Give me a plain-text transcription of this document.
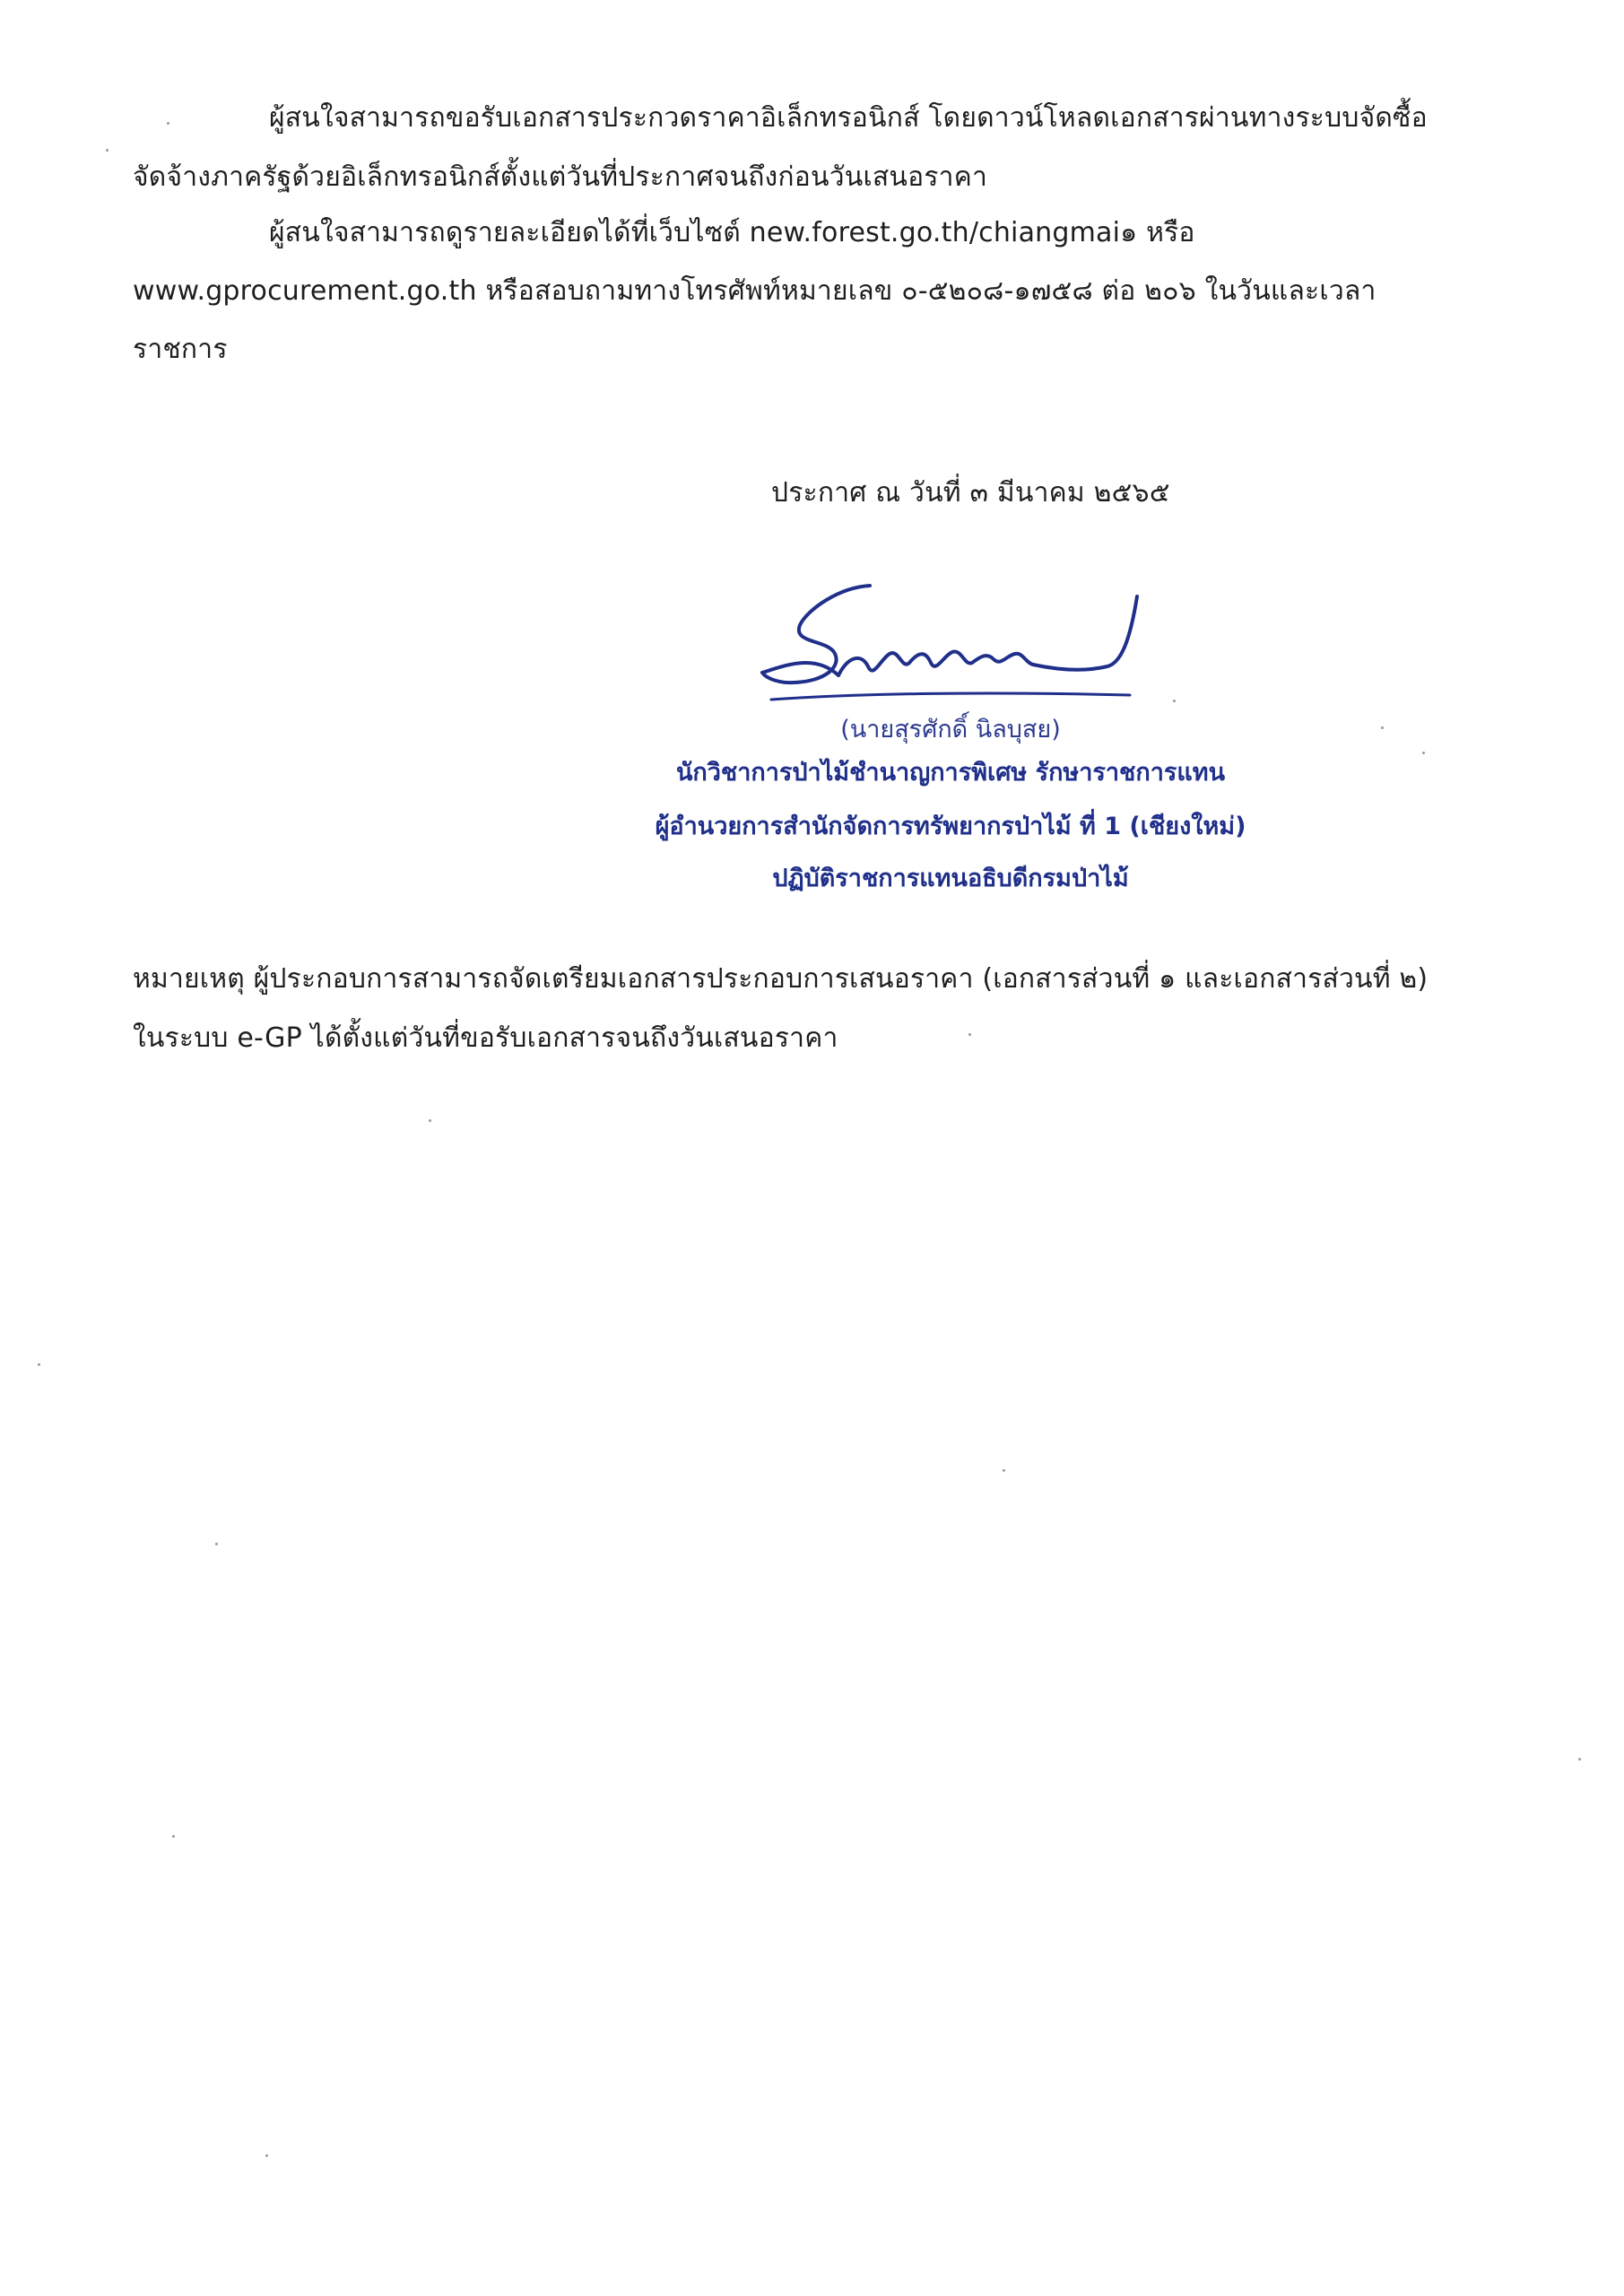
ผู้สนใจสามารถขอรับเอกสารประกวดราคาอิเล็กทรอนิกส์ โดยดาวน์โหลดเอกสารผ่านทางระบบจัดซื้อ
จัดจ้างภาครัฐด้วยอิเล็กทรอนิกส์ตั้งแต่วันที่ประกาศจนถึงก่อนวันเสนอราคา
ผู้สนใจสามารถดูรายละเอียดได้ที่เว็บไซต์ new.forest.go.th/chiangmai๑ หรือ
www.gprocurement.go.th หรือสอบถามทางโทรศัพท์หมายเลข ๐-๕๒๐๘-๑๗๕๘ ต่อ ๒๐๖ ในวันและเวลา
ราชการ
ประกาศ ณ วันที่ ๓ มีนาคม ๒๕๖๕
(นายสุรศักดิ์ นิลบุสย)
นักวิชาการป่าไม้ชำนาญการพิเศษ รักษาราชการแทน
ผู้อำนวยการสำนักจัดการทรัพยากรป่าไม้ ที่ 1 (เชียงใหม่)
ปฏิบัติราชการแทนอธิบดีกรมป่าไม้
หมายเหตุ ผู้ประกอบการสามารถจัดเตรียมเอกสารประกอบการเสนอราคา (เอกสารส่วนที่ ๑ และเอกสารส่วนที่ ๒)
ในระบบ e-GP ได้ตั้งแต่วันที่ขอรับเอกสารจนถึงวันเสนอราคา
